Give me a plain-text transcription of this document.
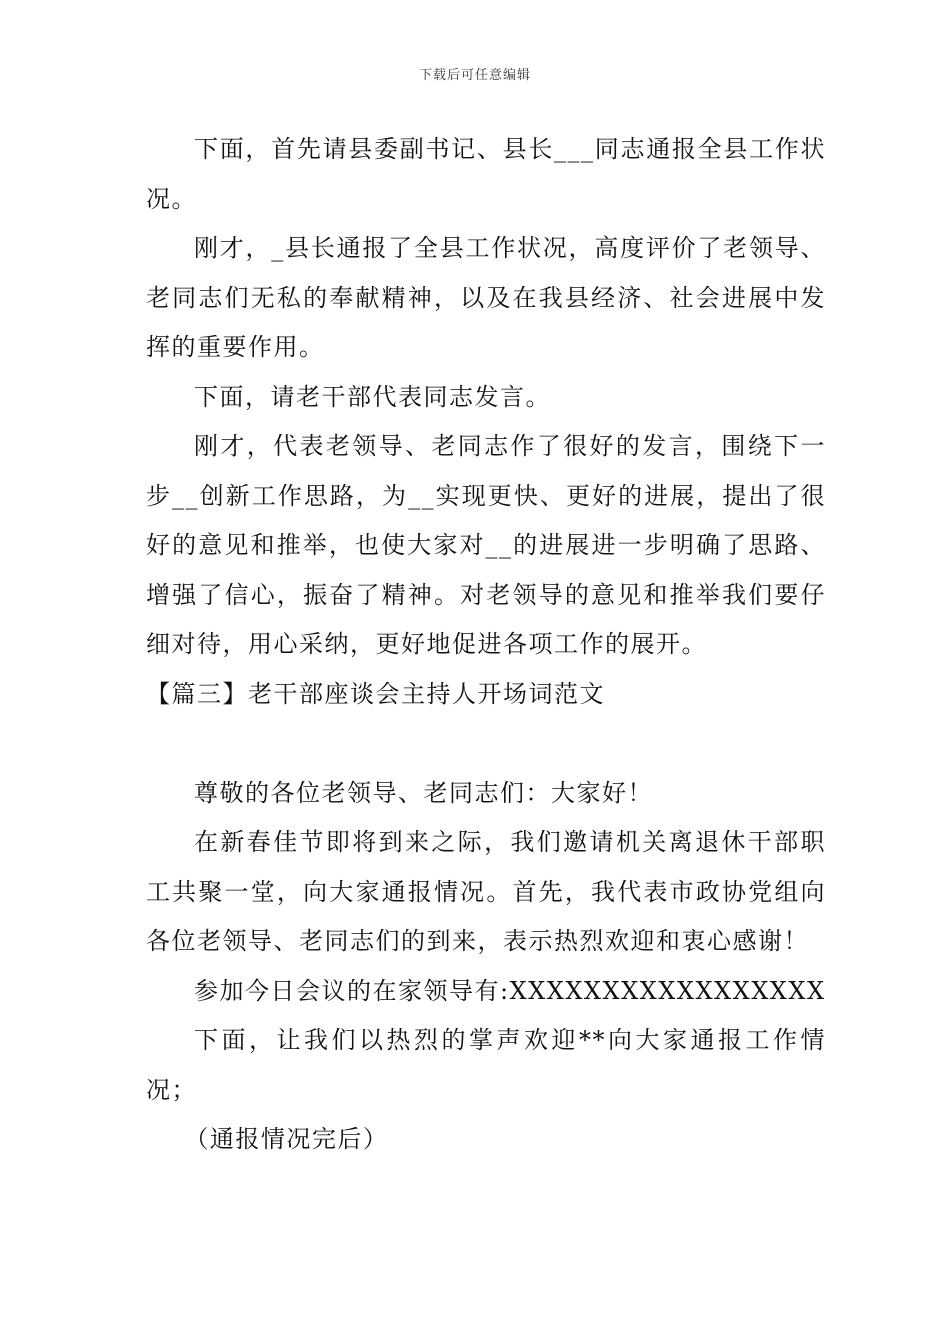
下载后可任意编辑

下面，首先请县委副书记、县长___同志通报全县工作状况。

刚才，_县长通报了全县工作状况，高度评价了老领导、老同志们无私的奉献精神，以及在我县经济、社会进展中发挥的重要作用。

下面，请老干部代表同志发言。

刚才，代表老领导、老同志作了很好的发言，围绕下一步__创新工作思路，为__实现更快、更好的进展，提出了很好的意见和推举，也使大家对__的进展进一步明确了思路、增强了信心，振奋了精神。对老领导的意见和推举我们要仔细对待，用心采纳，更好地促进各项工作的展开。

【篇三】老干部座谈会主持人开场词范文

尊敬的各位老领导、老同志们：大家好！

在新春佳节即将到来之际，我们邀请机关离退休干部职工共聚一堂，向大家通报情况。首先，我代表市政协党组向各位老领导、老同志们的到来，表示热烈欢迎和衷心感谢！

参加今日会议的在家领导有:XXXXXXXXXXXXXXXXX

下面，让我们以热烈的掌声欢迎**向大家通报工作情况；

（通报情况完后）
